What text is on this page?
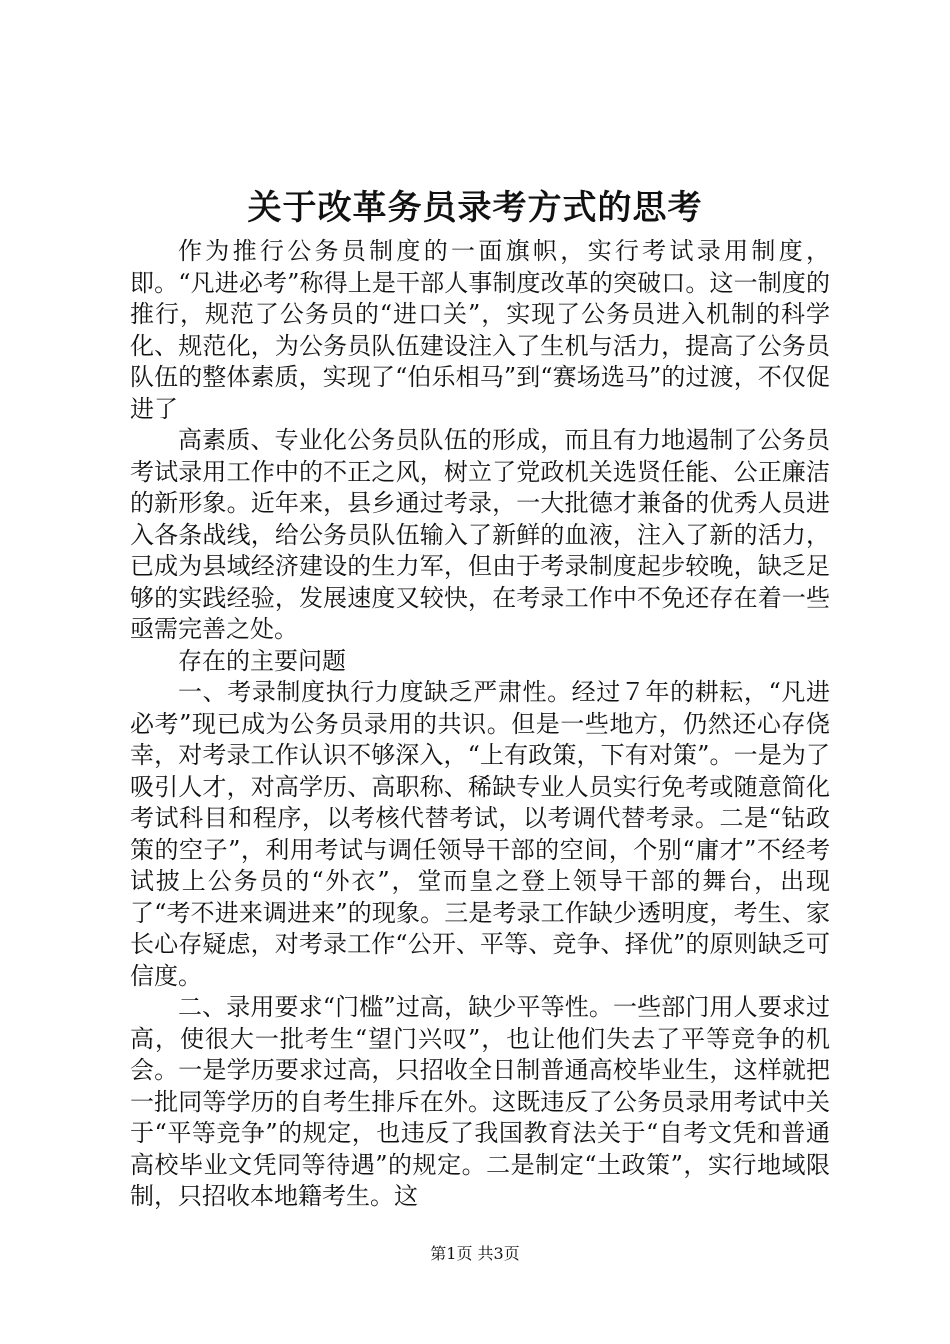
关于改革务员录考方式的思考

作为推行公务员制度的一面旗帜，实行考试录用制度，即。“凡进必考”称得上是干部人事制度改革的突破口。这一制度的推行，规范了公务员的“进口关”，实现了公务员进入机制的科学化、规范化，为公务员队伍建设注入了生机与活力，提高了公务员队伍的整体素质，实现了“伯乐相马”到“赛场选马”的过渡，不仅促进了

高素质、专业化公务员队伍的形成，而且有力地遏制了公务员考试录用工作中的不正之风，树立了党政机关选贤任能、公正廉洁的新形象。近年来，县乡通过考录，一大批德才兼备的优秀人员进入各条战线，给公务员队伍输入了新鲜的血液，注入了新的活力，已成为县域经济建设的生力军，但由于考录制度起步较晚，缺乏足够的实践经验，发展速度又较快，在考录工作中不免还存在着一些亟需完善之处。

存在的主要问题

一、考录制度执行力度缺乏严肃性。经过７年的耕耘，“凡进必考”现已成为公务员录用的共识。但是一些地方，仍然还心存侥幸，对考录工作认识不够深入，“上有政策，下有对策”。一是为了吸引人才，对高学历、高职称、稀缺专业人员实行免考或随意简化考试科目和程序，以考核代替考试，以考调代替考录。二是“钻政策的空子”，利用考试与调任领导干部的空间，个别“庸才”不经考试披上公务员的“外衣”，堂而皇之登上领导干部的舞台，出现了“考不进来调进来”的现象。三是考录工作缺少透明度，考生、家长心存疑虑，对考录工作“公开、平等、竞争、择优”的原则缺乏可信度。

二、录用要求“门槛”过高，缺少平等性。一些部门用人要求过高，使很大一批考生“望门兴叹”，也让他们失去了平等竞争的机会。一是学历要求过高，只招收全日制普通高校毕业生，这样就把一批同等学历的自考生排斥在外。这既违反了公务员录用考试中关于“平等竞争”的规定，也违反了我国教育法关于“自考文凭和普通高校毕业文凭同等待遇”的规定。二是制定“土政策”，实行地域限制，只招收本地籍考生。这

第1页 共3页
